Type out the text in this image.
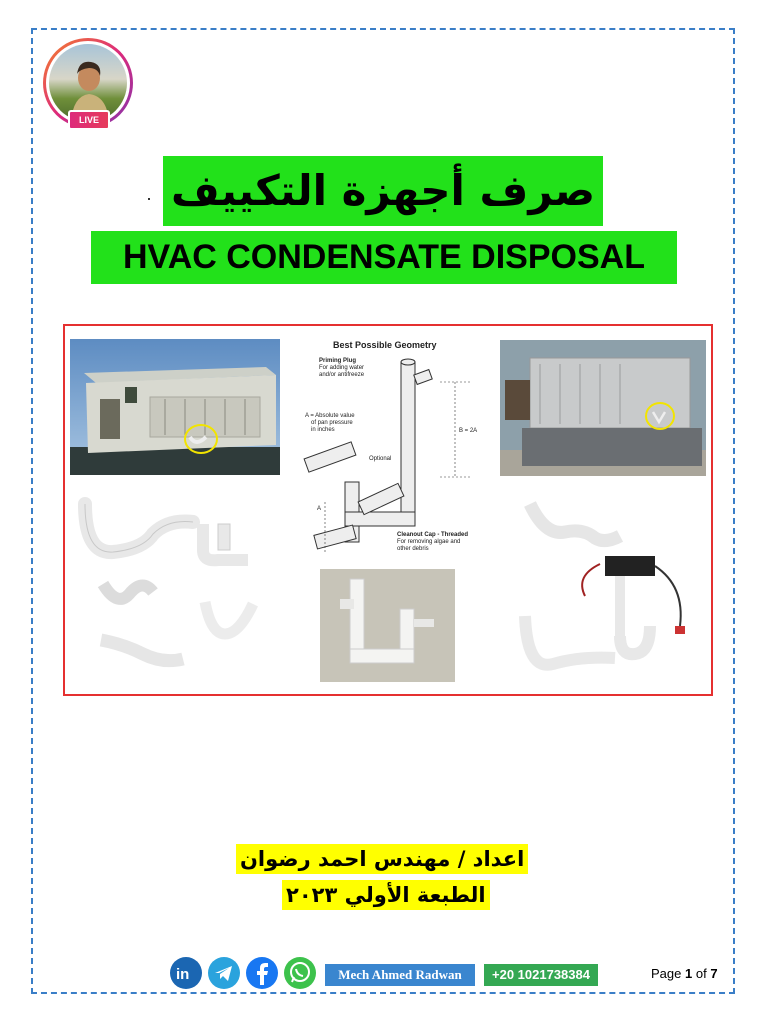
LIVE
صرف أجهزة التكييف
HVAC CONDENSATE DISPOSAL
Best Possible Geometry
Priming Plug
For adding water
and/or antifreeze
A = Absolute value
of pan pressure
in inches	B = 2A
Optional
A
Cleanout Cap - Threaded
For removing algae and
other debris
اعداد / مهندس احمد رضوان
الطبعة الأولي ٢٠٢٣
in	Mech Ahmed Radwan	+20 1021738384	Page 1 of 7
